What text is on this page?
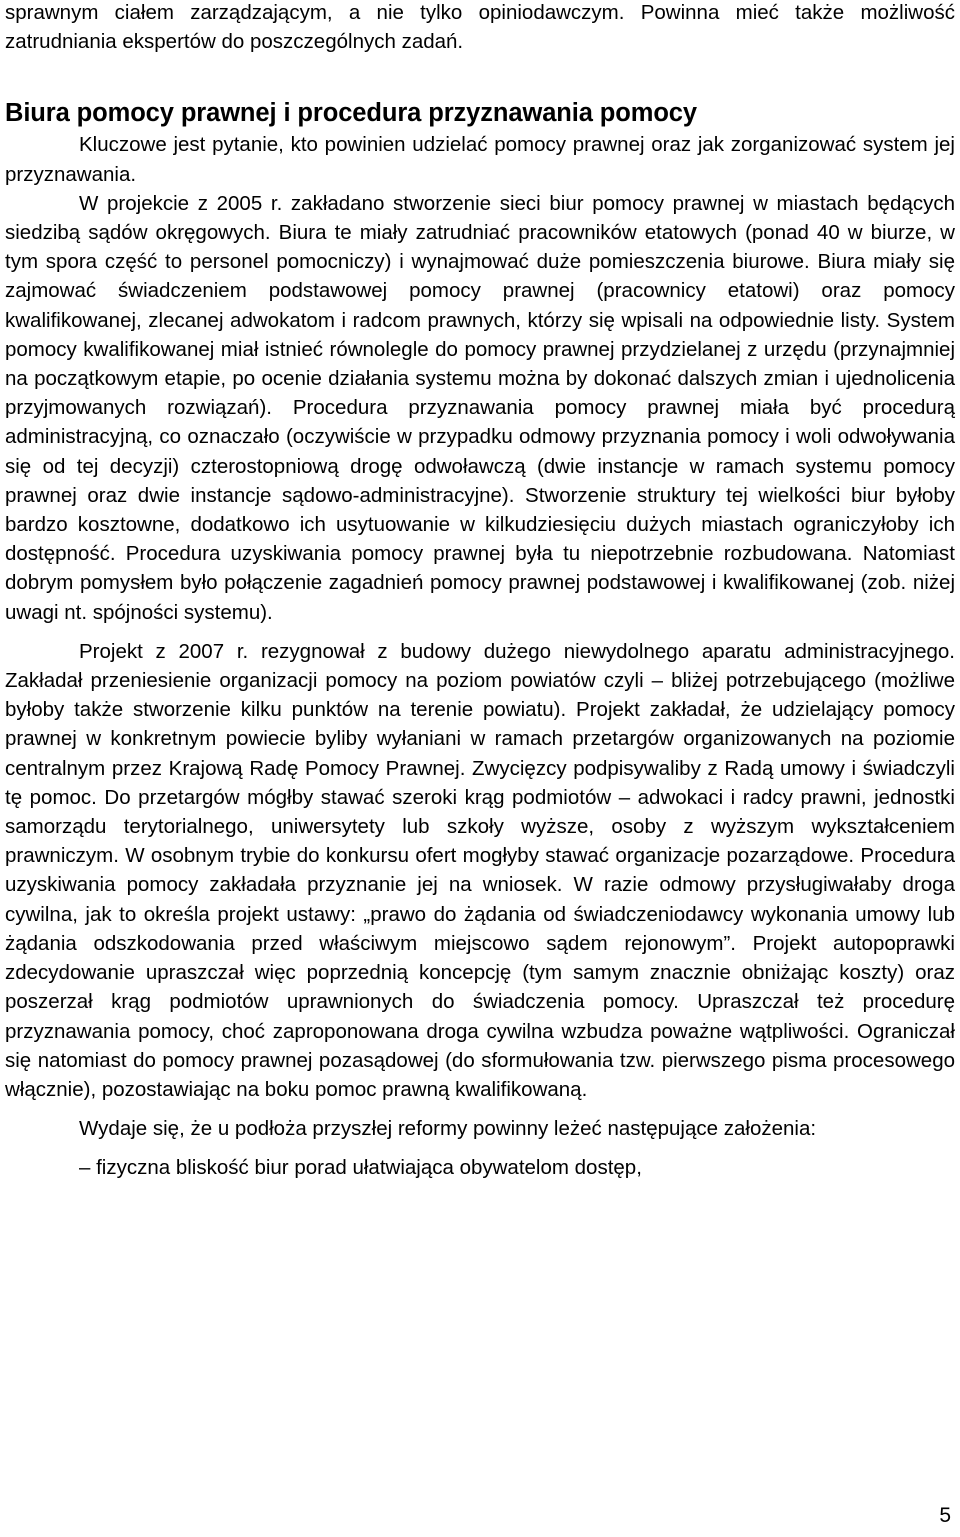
sprawnym ciałem zarządzającym, a nie tylko opiniodawczym. Powinna mieć także możliwość zatrudniania ekspertów do poszczególnych zadań.

Biura pomocy prawnej i procedura przyznawania pomocy

Kluczowe jest pytanie, kto powinien udzielać pomocy prawnej oraz jak zorganizować system jej przyznawania.

W projekcie z 2005 r. zakładano stworzenie sieci biur pomocy prawnej w miastach będących siedzibą sądów okręgowych. Biura te miały zatrudniać pracowników etatowych (ponad 40 w biurze, w tym spora część to personel pomocniczy) i wynajmować duże pomieszczenia biurowe. Biura miały się zajmować świadczeniem podstawowej pomocy prawnej (pracownicy etatowi) oraz pomocy kwalifikowanej, zlecanej adwokatom i radcom prawnych, którzy się wpisali na odpowiednie listy. System pomocy kwalifikowanej miał istnieć równolegle do pomocy prawnej przydzielanej z urzędu (przynajmniej na początkowym etapie, po ocenie działania systemu można by dokonać dalszych zmian i ujednolicenia przyjmowanych rozwiązań). Procedura przyznawania pomocy prawnej miała być procedurą administracyjną, co oznaczało (oczywiście w przypadku odmowy przyznania pomocy i woli odwoływania się od tej decyzji) czterostopniową drogę odwoławczą (dwie instancje w ramach systemu pomocy prawnej oraz dwie instancje sądowo-administracyjne). Stworzenie struktury tej wielkości biur byłoby bardzo kosztowne, dodatkowo ich usytuowanie w kilkudziesięciu dużych miastach ograniczyłoby ich dostępność. Procedura uzyskiwania pomocy prawnej była tu niepotrzebnie rozbudowana. Natomiast dobrym pomysłem było połączenie zagadnień pomocy prawnej podstawowej i kwalifikowanej (zob. niżej uwagi nt. spójności systemu).

Projekt z 2007 r. rezygnował z budowy dużego niewydolnego aparatu administracyjnego. Zakładał przeniesienie organizacji pomocy na poziom powiatów czyli – bliżej potrzebującego (możliwe byłoby także stworzenie kilku punktów na terenie powiatu). Projekt zakładał, że udzielający pomocy prawnej w konkretnym powiecie byliby wyłaniani w ramach przetargów organizowanych na poziomie centralnym przez Krajową Radę Pomocy Prawnej. Zwycięzcy podpisywaliby z Radą umowy i świadczyli tę pomoc. Do przetargów mógłby stawać szeroki krąg podmiotów – adwokaci i radcy prawni, jednostki samorządu terytorialnego, uniwersytety lub szkoły wyższe, osoby z wyższym wykształceniem prawniczym. W osobnym trybie do konkursu ofert mogłyby stawać organizacje pozarządowe. Procedura uzyskiwania pomocy zakładała przyznanie jej na wniosek. W razie odmowy przysługiwałaby droga cywilna, jak to określa projekt ustawy: „prawo do żądania od świadczeniodawcy wykonania umowy lub żądania odszkodowania przed właściwym miejscowo sądem rejonowym”. Projekt autopoprawki zdecydowanie upraszczał więc poprzednią koncepcję (tym samym znacznie obniżając koszty) oraz poszerzał krąg podmiotów uprawnionych do świadczenia pomocy. Upraszczał też procedurę przyznawania pomocy, choć zaproponowana droga cywilna wzbudza poważne wątpliwości. Ograniczał się natomiast do pomocy prawnej pozasądowej (do sformułowania tzw. pierwszego pisma procesowego włącznie), pozostawiając na boku pomoc prawną kwalifikowaną.

Wydaje się, że u podłoża przyszłej reformy powinny leżeć następujące założenia:

– fizyczna bliskość biur porad ułatwiająca obywatelom dostęp,

5
